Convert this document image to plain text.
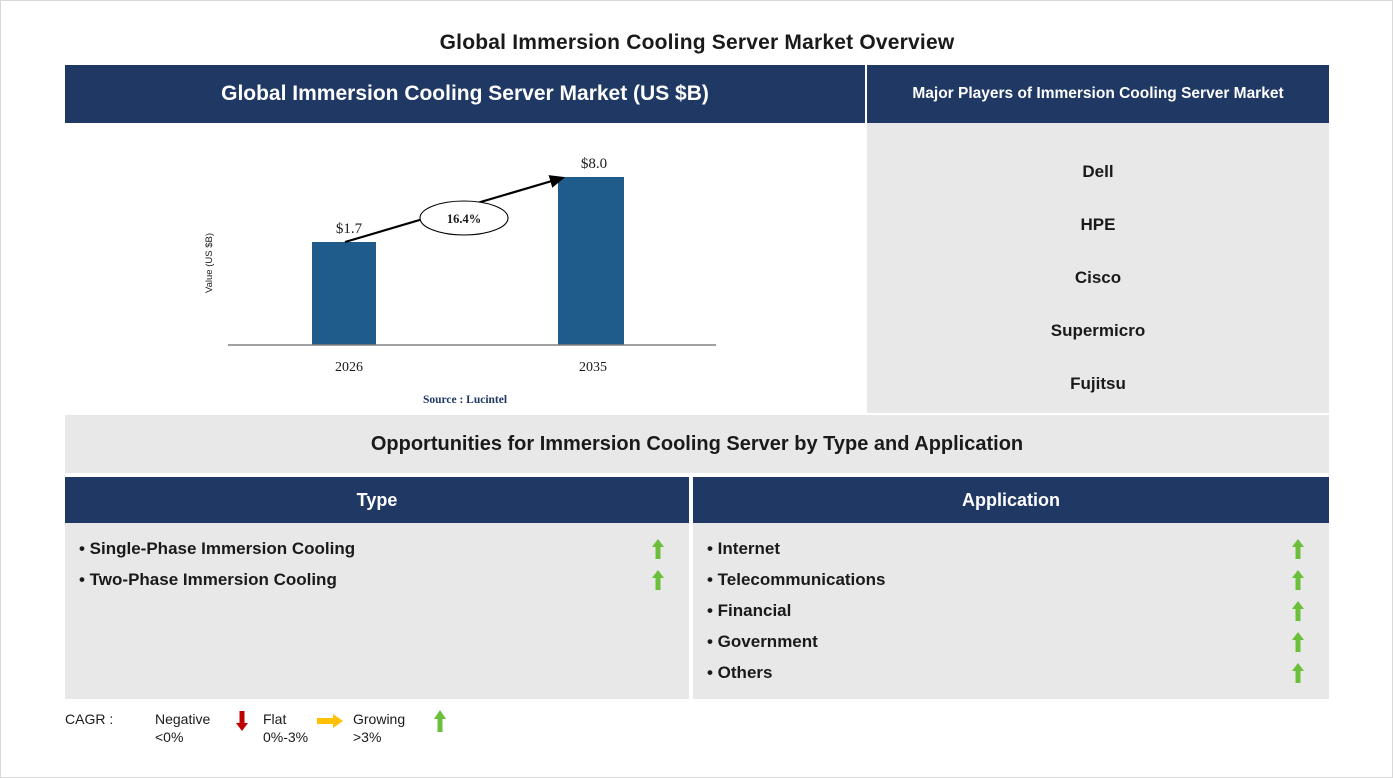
Global Immersion Cooling Server Market Overview
Global Immersion Cooling Server Market (US $B)	Major Players of Immersion Cooling Server Market
Value (US $B)
$1.7
$8.0
2026	2035
16.4%
Source : Lucintel
Dell
HPE
Cisco
Supermicro
Fujitsu
Opportunities for Immersion Cooling Server by Type and Application
Type
• Single-Phase Immersion Cooling
• Two-Phase Immersion Cooling
Application
• Internet
• Telecommunications
• Financial
• Government
• Others
CAGR :	Negative
<0%
Flat
0%-3%
Growing
>3%
